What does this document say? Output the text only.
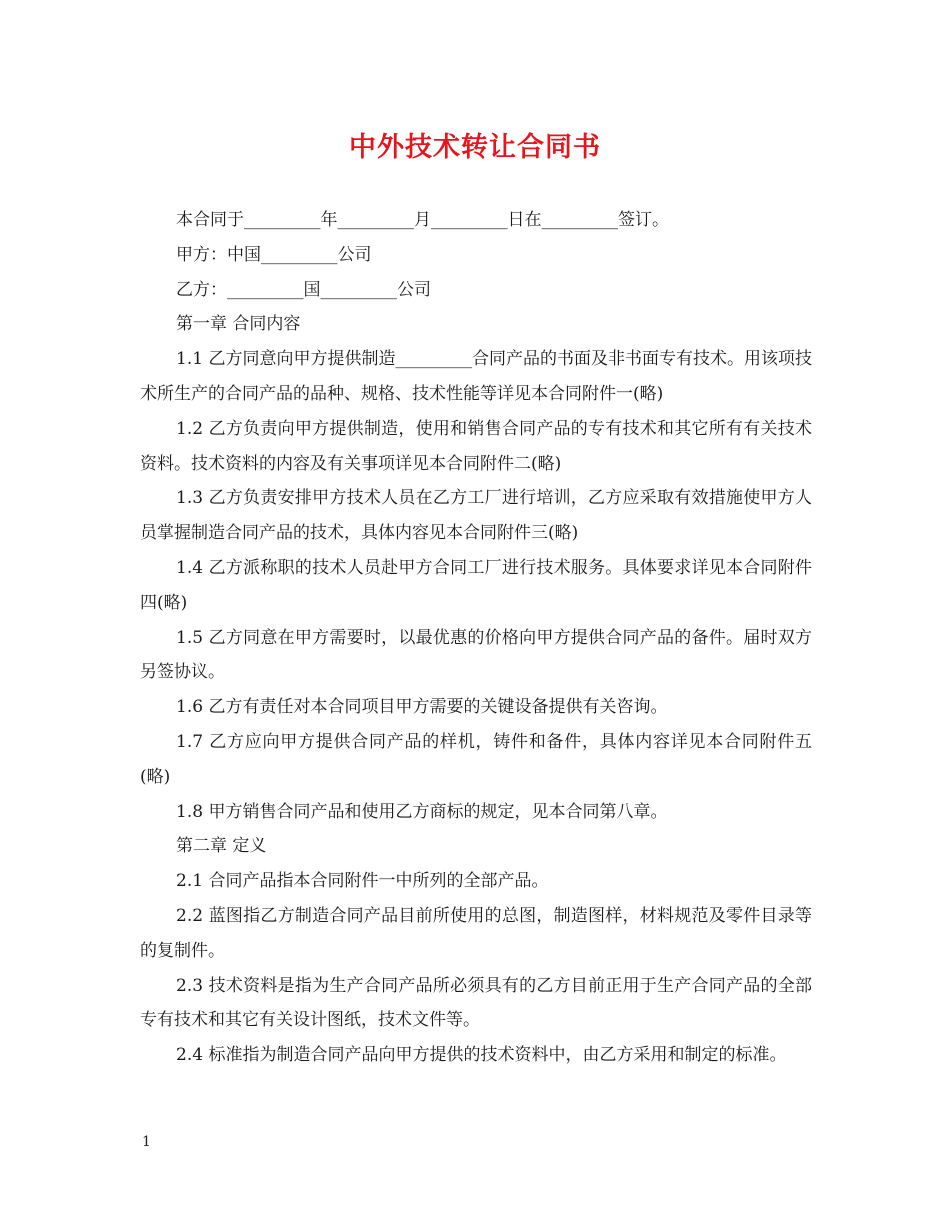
中外技术转让合同书

本合同于_________年_________月_________日在_________签订。

甲方：中国_________公司

乙方：_________国_________公司

第一章 合同内容

1.1 乙方同意向甲方提供制造_________合同产品的书面及非书面专有技术。用该项技术所生产的合同产品的品种、规格、技术性能等详见本合同附件一(略)

1.2 乙方负责向甲方提供制造，使用和销售合同产品的专有技术和其它所有有关技术资料。技术资料的内容及有关事项详见本合同附件二(略)

1.3 乙方负责安排甲方技术人员在乙方工厂进行培训，乙方应采取有效措施使甲方人员掌握制造合同产品的技术，具体内容见本合同附件三(略)

1.4 乙方派称职的技术人员赴甲方合同工厂进行技术服务。具体要求详见本合同附件四(略)

1.5 乙方同意在甲方需要时，以最优惠的价格向甲方提供合同产品的备件。届时双方另签协议。

1.6 乙方有责任对本合同项目甲方需要的关键设备提供有关咨询。

1.7 乙方应向甲方提供合同产品的样机，铸件和备件，具体内容详见本合同附件五(略)

1.8 甲方销售合同产品和使用乙方商标的规定，见本合同第八章。

第二章 定义

2.1 合同产品指本合同附件一中所列的全部产品。

2.2 蓝图指乙方制造合同产品目前所使用的总图，制造图样，材料规范及零件目录等的复制件。

2.3 技术资料是指为生产合同产品所必须具有的乙方目前正用于生产合同产品的全部专有技术和其它有关设计图纸，技术文件等。

2.4 标准指为制造合同产品向甲方提供的技术资料中，由乙方采用和制定的标准。

1
